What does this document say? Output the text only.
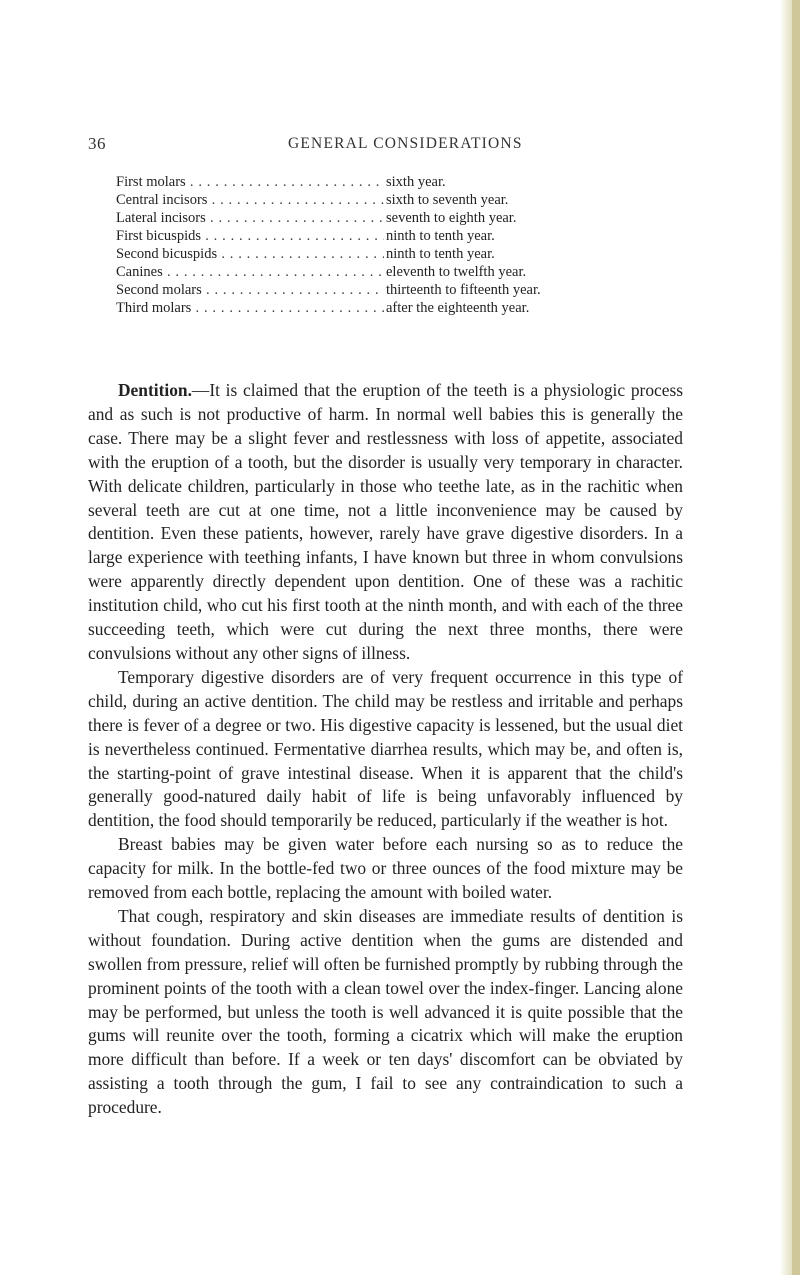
36	GENERAL CONSIDERATIONS
First molars . . .	sixth year.
Central incisors . . .	sixth to seventh year.
Lateral incisors . . .	seventh to eighth year.
First bicuspids . . .	ninth to tenth year.
Second bicuspids . . .	ninth to tenth year.
Canines . . .	eleventh to twelfth year.
Second molars . . .	thirteenth to fifteenth year.
Third molars . . .	after the eighteenth year.

Dentition.—It is claimed that the eruption of the teeth is a physiologic process and as such is not productive of harm. In normal well babies this is generally the case. There may be a slight fever and restlessness with loss of appetite, associated with the eruption of a tooth, but the disorder is usually very temporary in character. With delicate children, particularly in those who teethe late, as in the rachitic when several teeth are cut at one time, not a little inconvenience may be caused by dentition. Even these patients, however, rarely have grave digestive disorders. In a large experience with teething infants, I have known but three in whom convulsions were apparently directly dependent upon dentition. One of these was a rachitic institution child, who cut his first tooth at the ninth month, and with each of the three succeeding teeth, which were cut during the next three months, there were convulsions without any other signs of illness.

Temporary digestive disorders are of very frequent occurrence in this type of child, during an active dentition. The child may be restless and irritable and perhaps there is fever of a degree or two. His digestive capacity is lessened, but the usual diet is nevertheless continued. Fermentative diarrhea results, which may be, and often is, the starting-point of grave intestinal disease. When it is apparent that the child's generally good-natured daily habit of life is being unfavorably influenced by dentition, the food should temporarily be reduced, particularly if the weather is hot.

Breast babies may be given water before each nursing so as to reduce the capacity for milk. In the bottle-fed two or three ounces of the food mixture may be removed from each bottle, replacing the amount with boiled water.

That cough, respiratory and skin diseases are immediate results of dentition is without foundation. During active dentition when the gums are distended and swollen from pressure, relief will often be furnished promptly by rubbing through the prominent points of the tooth with a clean towel over the index-finger. Lancing alone may be performed, but unless the tooth is well advanced it is quite possible that the gums will reunite over the tooth, forming a cicatrix which will make the eruption more difficult than before. If a week or ten days' discomfort can be obviated by assisting a tooth through the gum, I fail to see any contraindication to such a procedure.
